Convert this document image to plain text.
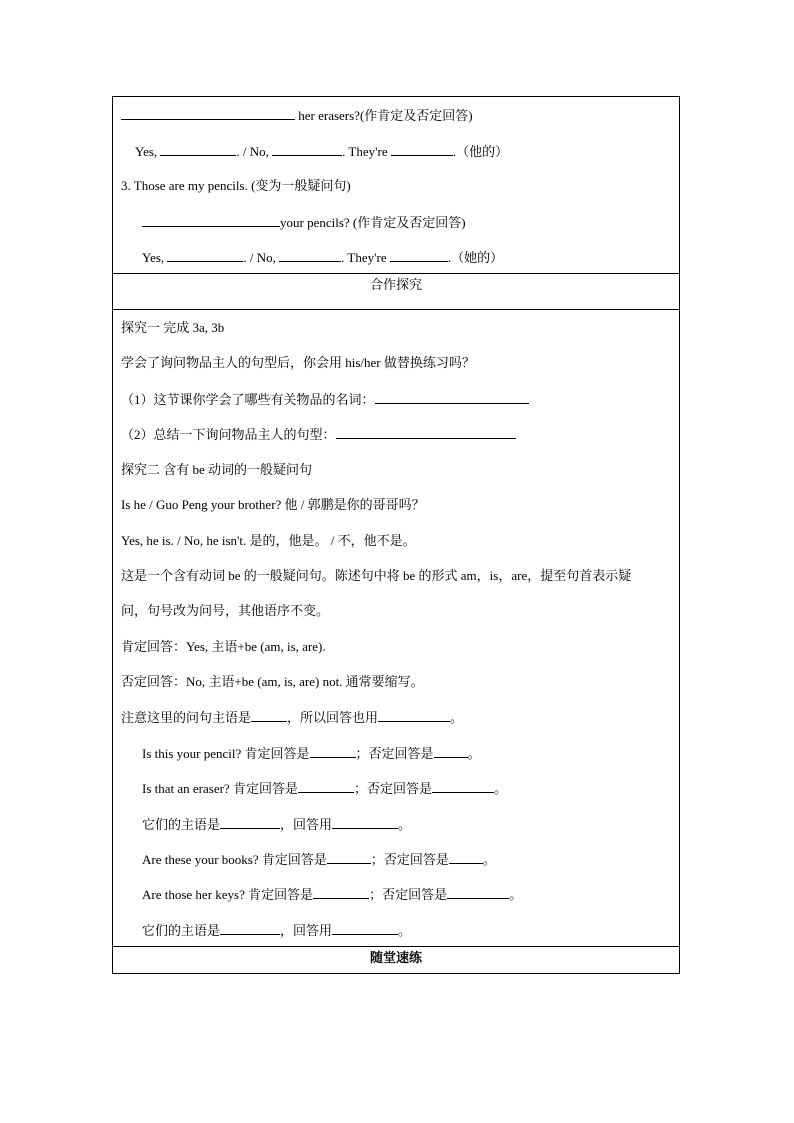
her erasers?(作肯定及否定回答)
Yes,	. / No,	. They're	.（他的）
3. Those are my pencils. (变为一般疑问句)
your pencils? (作肯定及否定回答)
Yes,	. / No,	. They're	.（她的）
合作探究
探究一 完成 3a, 3b
学会了询问物品主人的句型后，你会用 his/her 做替换练习吗？
（1）这节课你学会了哪些有关物品的名词：
（2）总结一下询问物品主人的句型：
探究二 含有 be 动词的一般疑问句
Is he / Guo Peng your brother? 他 / 郭鹏是你的哥哥吗？
Yes, he is. / No, he isn't. 是的，他是。 / 不，他不是。
这是一个含有动词 be 的一般疑问句。陈述句中将 be 的形式 am，is，are，提至句首表示疑
问，句号改为问号，其他语序不变。
肯定回答：Yes, 主语+be (am, is, are).
否定回答：No, 主语+be (am, is, are) not. 通常要缩写。
注意这里的问句主语是	，所以回答也用	。
Is this your pencil? 肯定回答是	；否定回答是	。
Is that an eraser? 肯定回答是	；否定回答是	。
它们的主语是	，回答用	。
Are these your books? 肯定回答是	；否定回答是	。
Are those her keys? 肯定回答是	；否定回答是	。
它们的主语是	，回答用	。
随堂速练
